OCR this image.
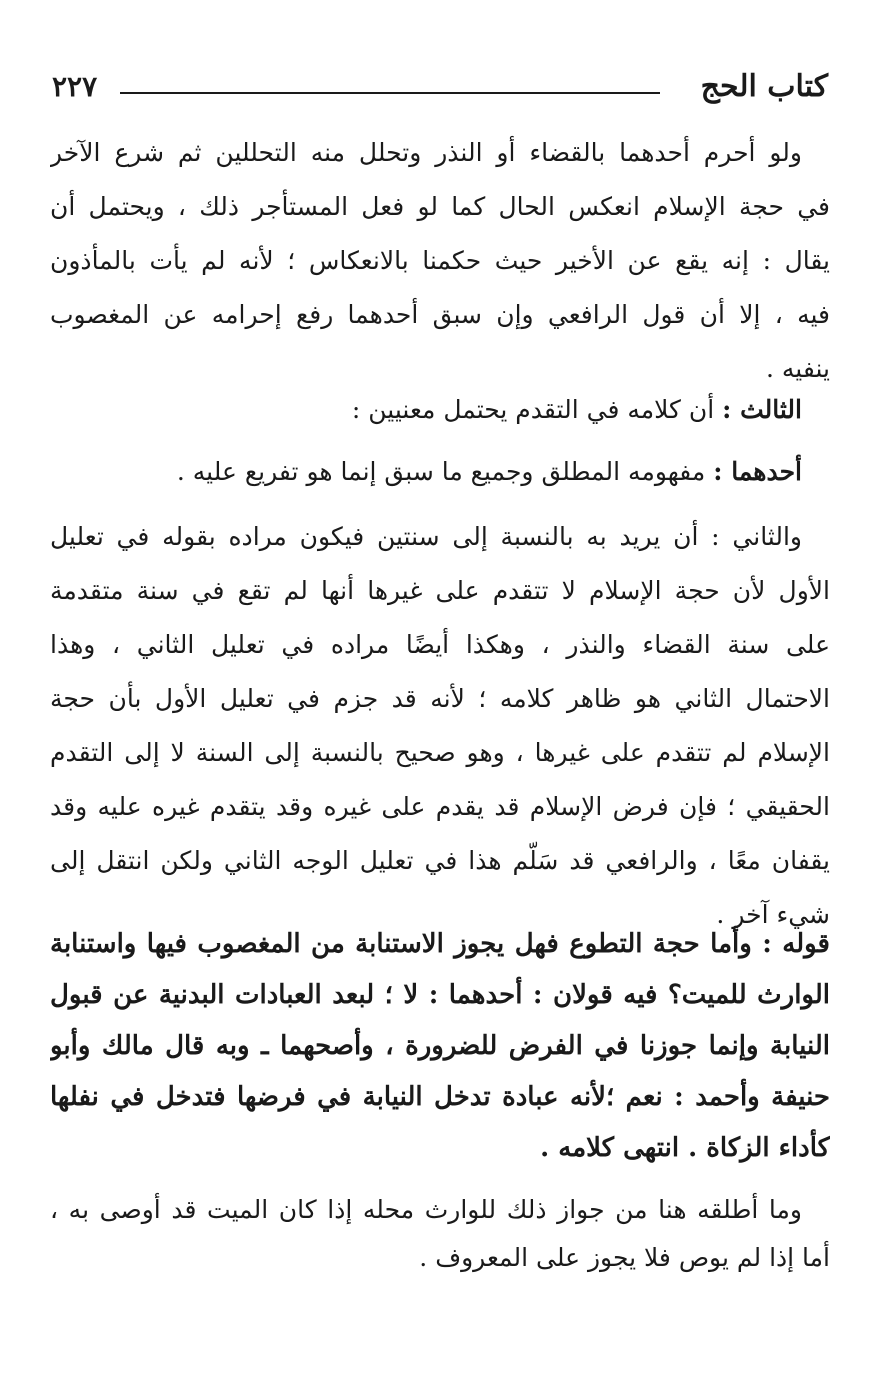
كتاب الحج
٢٢٧
ولو أحرم أحدهما بالقضاء أو النذر وتحلل منه التحللين ثم شرع الآخر
في حجة الإسلام انعكس الحال كما لو فعل المستأجر ذلك ، ويحتمل أن
يقال : إنه يقع عن الأخير حيث حكمنا بالانعكاس ؛ لأنه لم يأت بالمأذون
فيه ، إلا أن قول الرافعي وإن سبق أحدهما رفع إحرامه عن المغصوب
ينفيه .
الثالث : أن كلامه في التقدم يحتمل معنيين :
أحدهما : مفهومه المطلق وجميع ما سبق إنما هو تفريع عليه .
والثاني : أن يريد به بالنسبة إلى سنتين فيكون مراده بقوله في تعليل
الأول لأن حجة الإسلام لا تتقدم على غيرها أنها لم تقع في سنة متقدمة
على سنة القضاء والنذر ، وهكذا أيضًا مراده في تعليل الثاني ، وهذا
الاحتمال الثاني هو ظاهر كلامه ؛ لأنه قد جزم في تعليل الأول بأن حجة
الإسلام لم تتقدم على غيرها ، وهو صحيح بالنسبة إلى السنة لا إلى التقدم
الحقيقي ؛ فإن فرض الإسلام قد يقدم على غيره وقد يتقدم غيره عليه وقد
يقفان معًا ، والرافعي قد سَلّم هذا في تعليل الوجه الثاني ولكن انتقل إلى
شيء آخر .
قوله : وأما حجة التطوع فهل يجوز الاستنابة من المغصوب فيها واستنابة
الوارث للميت؟ فيه قولان : أحدهما : لا ؛ لبعد العبادات البدنية عن قبول
النيابة وإنما جوزنا في الفرض للضرورة ، وأصحهما ـ وبه قال مالك وأبو
حنيفة وأحمد : نعم ؛لأنه عبادة تدخل النيابة في فرضها فتدخل في نفلها
كأداء الزكاة . انتهى كلامه .
وما أطلقه هنا من جواز ذلك للوارث محله إذا كان الميت قد أوصى به ،
أما إذا لم يوص فلا يجوز على المعروف .
